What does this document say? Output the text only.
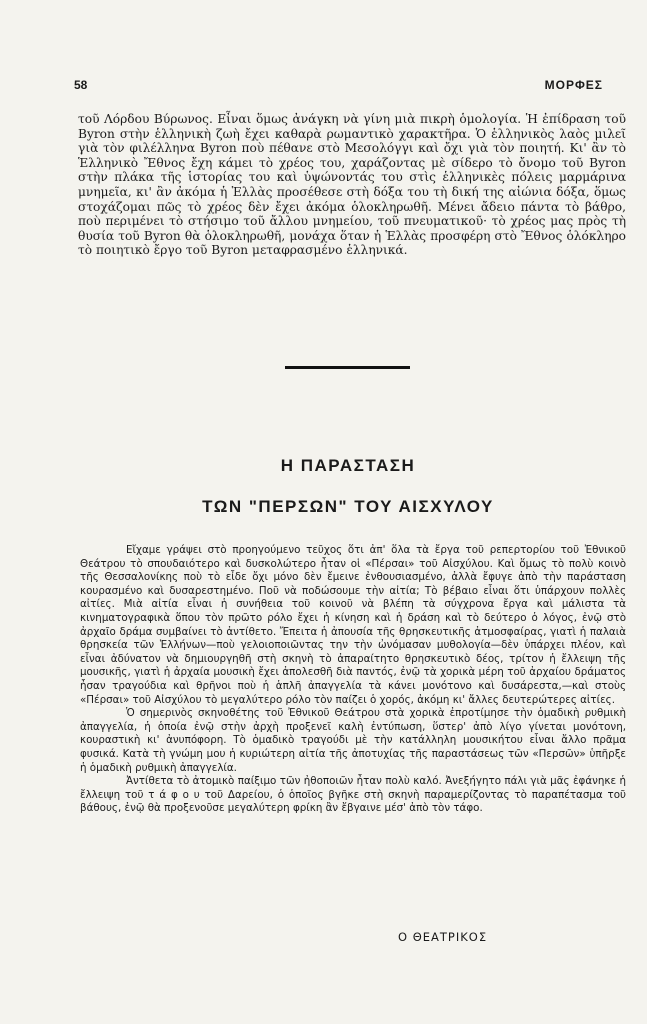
58	ΜΟΡΦΕΣ

τοῦ Λόρδου Βύρωνος. Εἶναι ὅμως ἀνάγκη νὰ γίνη μιὰ πικρὴ ὁμολογία. Ἡ ἐπίδραση τοῦ Byron στὴν ἑλληνικὴ ζωὴ ἔχει καθαρὰ ρωμαντικὸ χαρακτῆρα. Ὁ ἑλληνικὸς λαὸς μιλεῖ γιὰ τὸν φιλέλληνα Byron ποὺ πέθανε στὸ Μεσολόγγι καὶ ὄχι γιὰ τὸν ποιητή. Κι' ἂν τὸ Ἑλληνικὸ Ἔθνος ἔχη κάμει τὸ χρέος του, χαράζοντας μὲ σίδερο τὸ ὄνομο τοῦ Byron στὴν πλάκα τῆς ἱστορίας του καὶ ὑψώνοντάς του στὶς ἑλληνικὲς πόλεις μαρμάρινα μνημεῖα, κι' ἂν ἀκόμα ἡ Ἑλλὰς προσέθεσε στὴ δόξα του τὴ δική της αἰώνια δόξα, ὅμως στοχάζομαι πῶς τὸ χρέος δὲν ἔχει ἀκόμα ὁλοκληρωθῆ. Μένει ἄδειο πάντα τὸ βάθρο, ποὺ περιμένει τὸ στήσιμο τοῦ ἄλλου μνημείου, τοῦ πνευματικοῦ· τὸ χρέος μας πρὸς τὴ θυσία τοῦ Byron θὰ ὁλοκληρωθῆ, μονάχα ὅταν ἡ Ἑλλὰς προσφέρη στὸ Ἔθνος ὁλόκληρο τὸ ποιητικὸ ἔργο τοῦ Byron μεταφρασμένο ἑλληνικά.

Η ΠΑΡΑΣΤΑΣΗ
ΤΩΝ "ΠΕΡΣΩΝ" ΤΟΥ ΑΙΣΧΥΛΟΥ

Εἴχαμε γράψει στὸ προηγούμενο τεῦχος ὅτι ἀπ' ὅλα τὰ ἔργα τοῦ ρεπερτορίου τοῦ Ἐθνικοῦ Θεάτρου τὸ σπουδαιότερο καὶ δυσκολώτερο ἦταν οἱ «Πέρσαι» τοῦ Αἰσχύλου. Καὶ ὅμως τὸ πολὺ κοινὸ τῆς Θεσσαλονίκης ποὺ τὸ εἶδε ὄχι μόνο δὲν ἔμεινε ἐνθουσιασμένο, ἀλλὰ ἔφυγε ἀπὸ τὴν παράσταση κουρασμένο καὶ δυσαρεστημένο. Ποῦ νὰ ποδώσουμε τὴν αἰτία; Τὸ βέβαιο εἶναι ὅτι ὑπάρχουν πολλὲς αἰτίες. Μιὰ αἰτία εἶναι ἡ συνήθεια τοῦ κοινοῦ νὰ βλέπη τὰ σύγχρονα ἔργα καὶ μάλιστα τὰ κινηματογραφικὰ ὅπου τὸν πρῶτο ρόλο ἔχει ἡ κίνηση καὶ ἡ δράση καὶ τὸ δεύτερο ὁ λόγος, ἐνῷ στὸ ἀρχαῖο δράμα συμβαίνει τὸ ἀντίθετο. Ἔπειτα ἡ ἀπουσία τῆς θρησκευτικῆς ἀτμοσφαίρας, γιατὶ ἡ παλαιὰ θρησκεία τῶν Ἑλλήνων—ποὺ γελοιοποιῶντας την τὴν ὠνόμασαν μυθολογία—δὲν ὑπάρχει πλέον, καὶ εἶναι ἀδύνατον νὰ δημιουργηθῆ στὴ σκηνὴ τὸ ἀπαραίτητο θρησκευτικὸ δέος, τρίτον ἡ ἔλλειψη τῆς μουσικῆς, γιατὶ ἡ ἀρχαία μουσικὴ ἔχει ἀπολεσθῆ διὰ παντός, ἐνῷ τὰ χορικὰ μέρη τοῦ ἀρχαίου δράματος ἦσαν τραγούδια καὶ θρῆνοι ποὺ ἡ ἁπλῆ ἀπαγγελία τὰ κάνει μονότονο καὶ δυσάρεστα,—καὶ στοὺς «Πέρσαι» τοῦ Αἰσχύλου τὸ μεγαλύτερο ρόλο τὸν παίζει ὁ χορός, ἀκόμη κι' ἄλλες δευτερώτερες αἰτίες.

Ὁ σημερινὸς σκηνοθέτης τοῦ Ἐθνικοῦ Θεάτρου στὰ χορικὰ ἐπροτίμησε τὴν ὁμαδικὴ ρυθμικὴ ἀπαγγελία, ἡ ὁποία ἐνῷ στὴν ἀρχὴ προξενεῖ καλὴ ἐντύπωση, ὕστερ' ἀπὸ λίγο γίνεται μονότονη, κουραστικὴ κι' ἀνυπόφορη. Τὸ ὁμαδικὸ τραγούδι μὲ τὴν κατάλληλη μουσικήτου εἶναι ἄλλο πρᾶμα φυσικά. Κατὰ τὴ γνώμη μου ἡ κυριώτερη αἰτία τῆς ἀποτυχίας τῆς παραστάσεως τῶν «Περσῶν» ὑπῆρξε ἡ ὁμαδικὴ ρυθμικὴ ἀπαγγελία.

Ἀντίθετα τὸ ἀτομικὸ παίξιμο τῶν ἠθοποιῶν ἦταν πολὺ καλό. Ἀνεξήγητο πάλι γιὰ μᾶς ἐφάνηκε ἡ ἔλλειψη τοῦ τ ά φ ο υ τοῦ Δαρείου, ὁ ὁποῖος βγῆκε στὴ σκηνὴ παραμερίζοντας τὸ παραπέτασμα τοῦ βάθους, ἐνῷ θὰ προξενοῦσε μεγαλύτερη φρίκη ἂν ἔβγαινε μέσ' ἀπὸ τὸν τάφο.

Ο ΘΕΑΤΡΙΚΟΣ
